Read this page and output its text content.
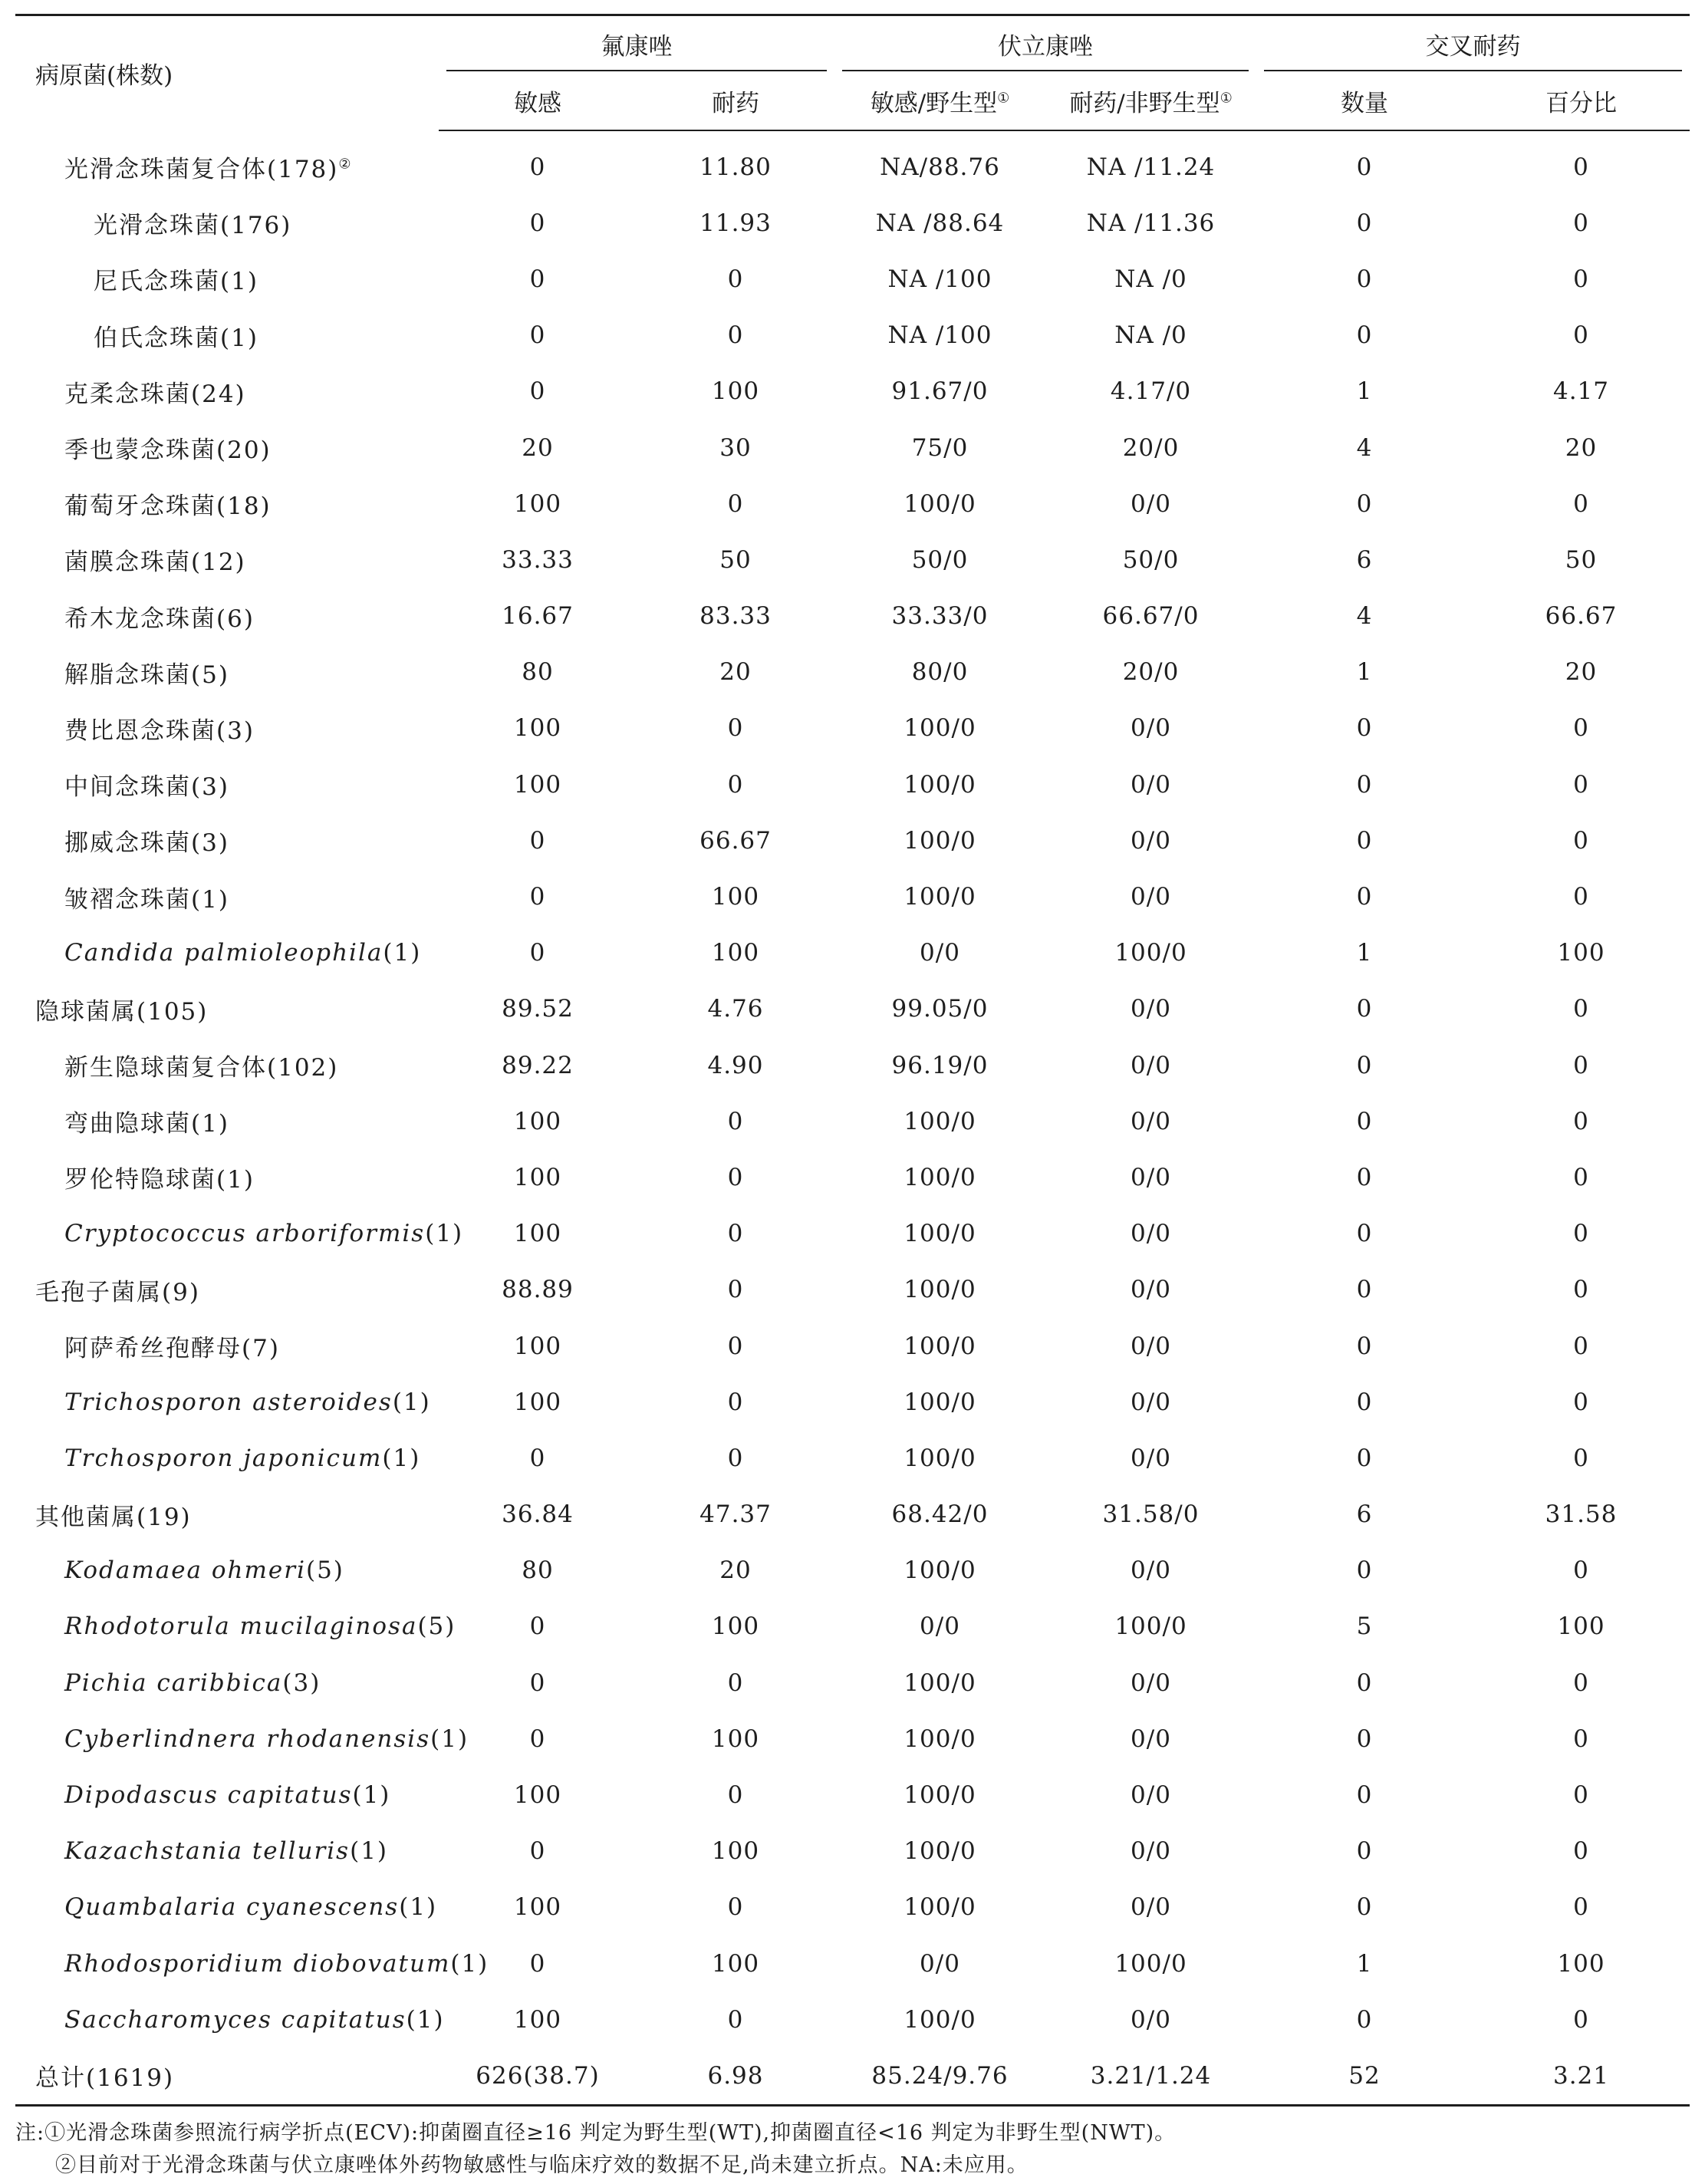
病原菌(株数)	氟康唑		伏立康唑		交叉耐药	

	敏感	耐药	敏感/野生型①	耐药/非野生型①	数量	百分比
光滑念珠菌复合体(178)②	0	11.80	NA/88.76	NA /11.24	0	0
光滑念珠菌(176)	0	11.93	NA /88.64	NA /11.36	0	0
尼氏念珠菌(1)	0	0	NA /100	NA /0	0	0
伯氏念珠菌(1)	0	0	NA /100	NA /0	0	0
克柔念珠菌(24)	0	100	91.67/0	4.17/0	1	4.17
季也蒙念珠菌(20)	20	30	75/0	20/0	4	20
葡萄牙念珠菌(18)	100	0	100/0	0/0	0	0
菌膜念珠菌(12)	33.33	50	50/0	50/0	6	50
希木龙念珠菌(6)	16.67	83.33	33.33/0	66.67/0	4	66.67
解脂念珠菌(5)	80	20	80/0	20/0	1	20
费比恩念珠菌(3)	100	0	100/0	0/0	0	0
中间念珠菌(3)	100	0	100/0	0/0	0	0
挪威念珠菌(3)	0	66.67	100/0	0/0	0	0
皱褶念珠菌(1)	0	100	100/0	0/0	0	0
Candida palmioleophila(1)	0	100	0/0	100/0	1	100
隐球菌属(105)	89.52	4.76	99.05/0	0/0	0	0
新生隐球菌复合体(102)	89.22	4.90	96.19/0	0/0	0	0
弯曲隐球菌(1)	100	0	100/0	0/0	0	0
罗伦特隐球菌(1)	100	0	100/0	0/0	0	0
Cryptococcus arboriformis(1)	100	0	100/0	0/0	0	0
毛孢子菌属(9)	88.89	0	100/0	0/0	0	0
阿萨希丝孢酵母(7)	100	0	100/0	0/0	0	0
Trichosporon asteroides(1)	100	0	100/0	0/0	0	0
Trchosporon japonicum(1)	0	0	100/0	0/0	0	0
其他菌属(19)	36.84	47.37	68.42/0	31.58/0	6	31.58
Kodamaea ohmeri(5)	80	20	100/0	0/0	0	0
Rhodotorula mucilaginosa(5)	0	100	0/0	100/0	5	100
Pichia caribbica(3)	0	0	100/0	0/0	0	0
Cyberlindnera rhodanensis(1)	0	100	100/0	0/0	0	0
Dipodascus capitatus(1)	100	0	100/0	0/0	0	0
Kazachstania telluris(1)	0	100	100/0	0/0	0	0
Quambalaria cyanescens(1)	100	0	100/0	0/0	0	0
Rhodosporidium diobovatum(1)	0	100	0/0	100/0	1	100
Saccharomyces capitatus(1)	100	0	100/0	0/0	0	0
总计(1619)	626(38.7)	6.98	85.24/9.76	3.21/1.24	52	3.21
注:①光滑念珠菌参照流行病学折点(ECV):抑菌圈直径≥16 判定为野生型(WT),抑菌圈直径<16 判定为非野生型(NWT)。
②目前对于光滑念珠菌与伏立康唑体外药物敏感性与临床疗效的数据不足,尚未建立折点。NA:未应用。
